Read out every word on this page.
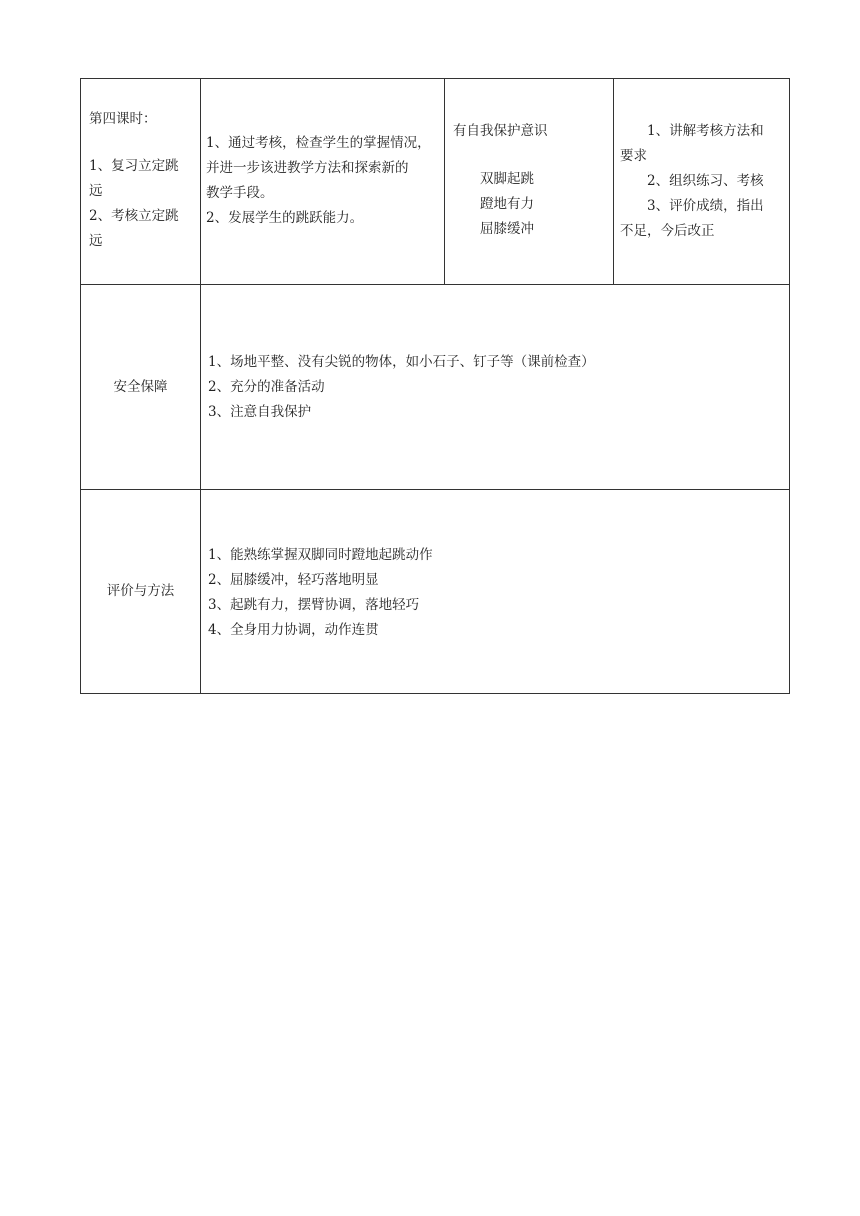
第四课时：
1、复习立定跳
远
2、考核立定跳
远
1、通过考核，检查学生的掌握情况，
并进一步该进教学方法和探索新的
教学手段。
2、发展学生的跳跃能力。
有自我保护意识
双脚起跳
蹬地有力
屈膝缓冲
1、讲解考核方法和
要求
2、组织练习、考核
3、评价成绩，指出
不足，今后改正
安全保障
1、场地平整、没有尖锐的物体，如小石子、钉子等（课前检查）
2、充分的准备活动
3、注意自我保护
评价与方法
1、能熟练掌握双脚同时蹬地起跳动作
2、屈膝缓冲，轻巧落地明显
3、起跳有力，摆臂协调，落地轻巧
4、全身用力协调，动作连贯
